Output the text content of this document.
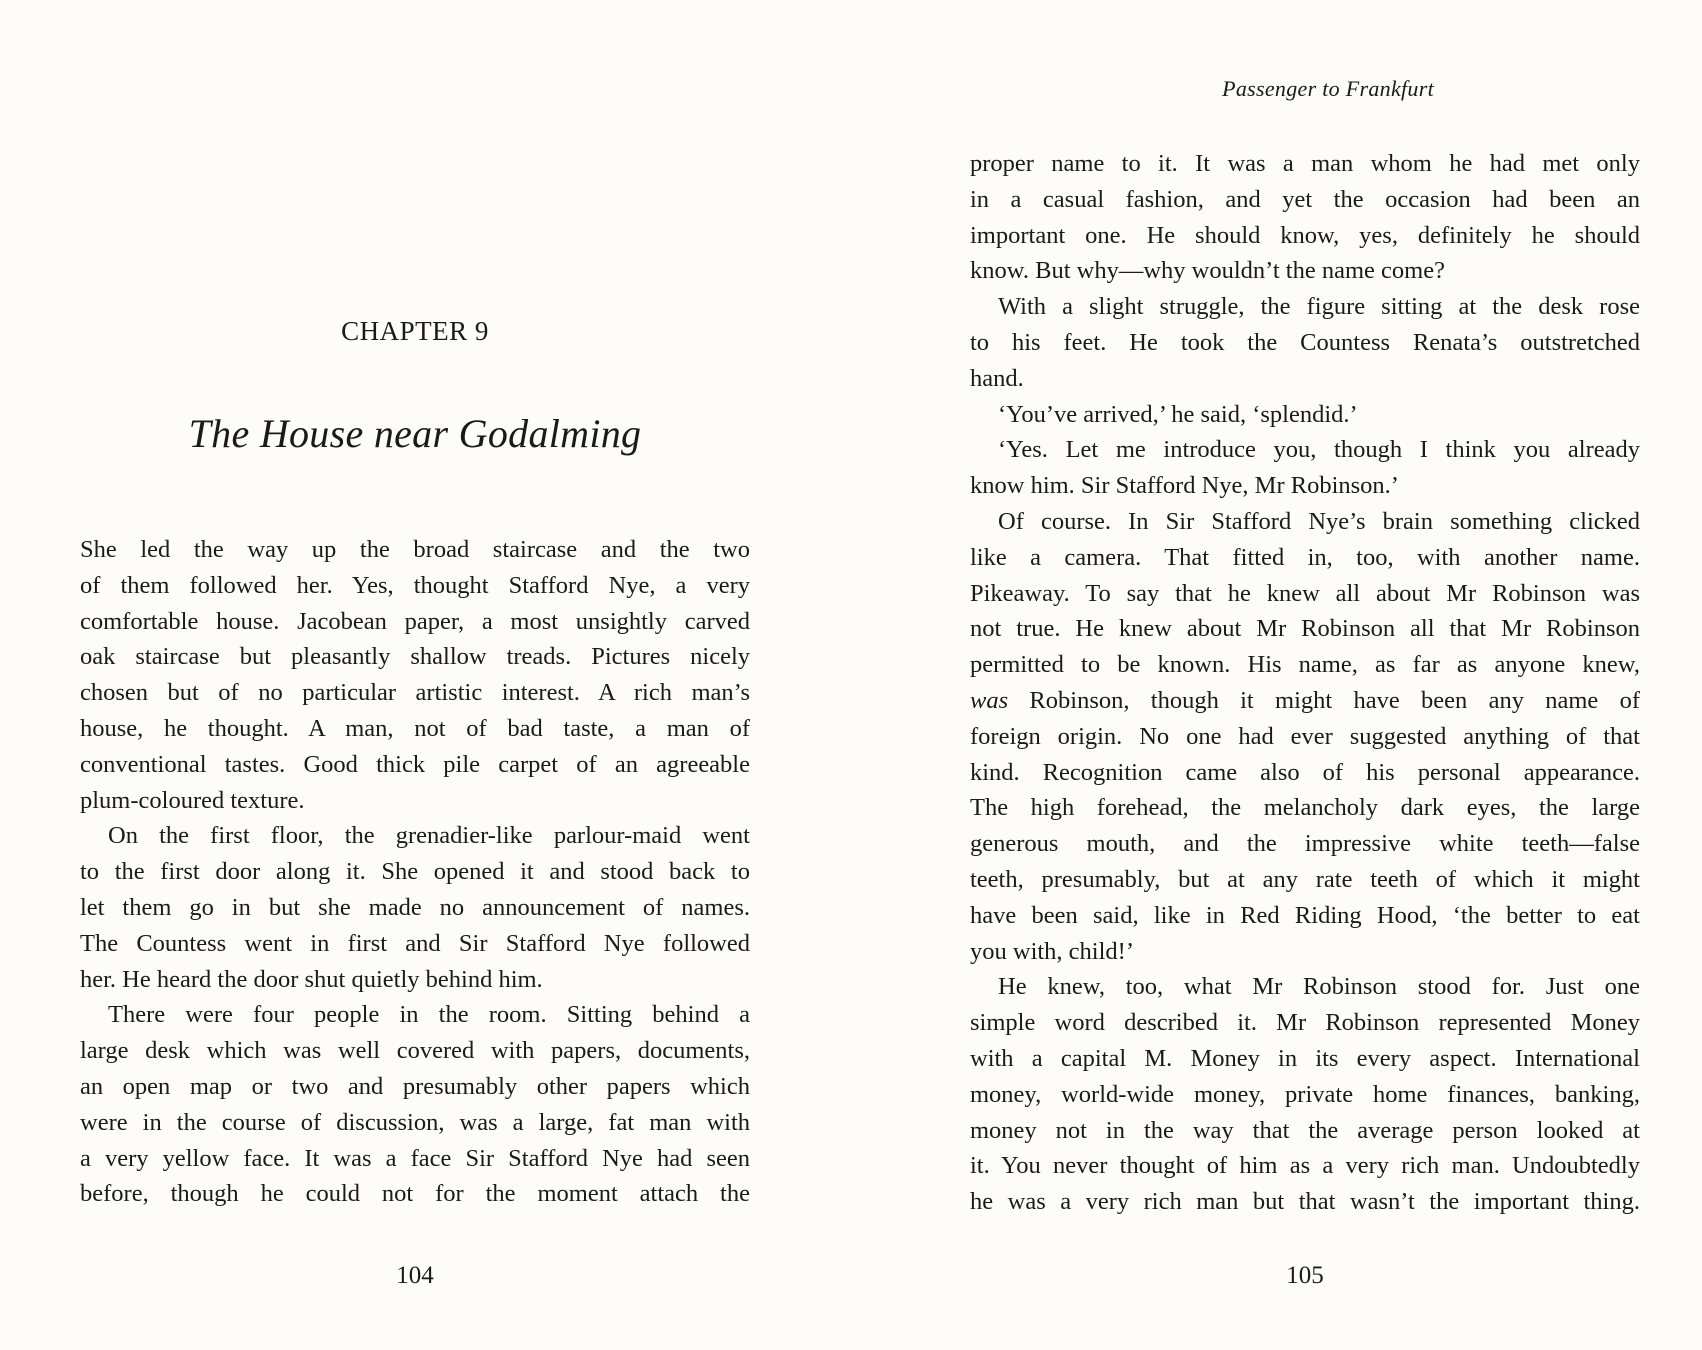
CHAPTER 9
The House near Godalming
She led the way up the broad staircase and the two
of them followed her. Yes, thought Stafford Nye, a very
comfortable house. Jacobean paper, a most unsightly carved
oak staircase but pleasantly shallow treads. Pictures nicely
chosen but of no particular artistic interest. A rich man’s
house, he thought. A man, not of bad taste, a man of
conventional tastes. Good thick pile carpet of an agreeable
plum-coloured texture.
On the first floor, the grenadier-like parlour-maid went
to the first door along it. She opened it and stood back to
let them go in but she made no announcement of names.
The Countess went in first and Sir Stafford Nye followed
her. He heard the door shut quietly behind him.
There were four people in the room. Sitting behind a
large desk which was well covered with papers, documents,
an open map or two and presumably other papers which
were in the course of discussion, was a large, fat man with
a very yellow face. It was a face Sir Stafford Nye had seen
before, though he could not for the moment attach the
104
Passenger to Frankfurt
proper name to it. It was a man whom he had met only
in a casual fashion, and yet the occasion had been an
important one. He should know, yes, definitely he should
know. But why—why wouldn’t the name come?
With a slight struggle, the figure sitting at the desk rose
to his feet. He took the Countess Renata’s outstretched
hand.
‘You’ve arrived,’ he said, ‘splendid.’
‘Yes. Let me introduce you, though I think you already
know him. Sir Stafford Nye, Mr Robinson.’
Of course. In Sir Stafford Nye’s brain something clicked
like a camera. That fitted in, too, with another name.
Pikeaway. To say that he knew all about Mr Robinson was
not true. He knew about Mr Robinson all that Mr Robinson
permitted to be known. His name, as far as anyone knew,
was Robinson, though it might have been any name of
foreign origin. No one had ever suggested anything of that
kind. Recognition came also of his personal appearance.
The high forehead, the melancholy dark eyes, the large
generous mouth, and the impressive white teeth—false
teeth, presumably, but at any rate teeth of which it might
have been said, like in Red Riding Hood, ‘the better to eat
you with, child!’
He knew, too, what Mr Robinson stood for. Just one
simple word described it. Mr Robinson represented Money
with a capital M. Money in its every aspect. International
money, world-wide money, private home finances, banking,
money not in the way that the average person looked at
it. You never thought of him as a very rich man. Undoubtedly
he was a very rich man but that wasn’t the important thing.
105
